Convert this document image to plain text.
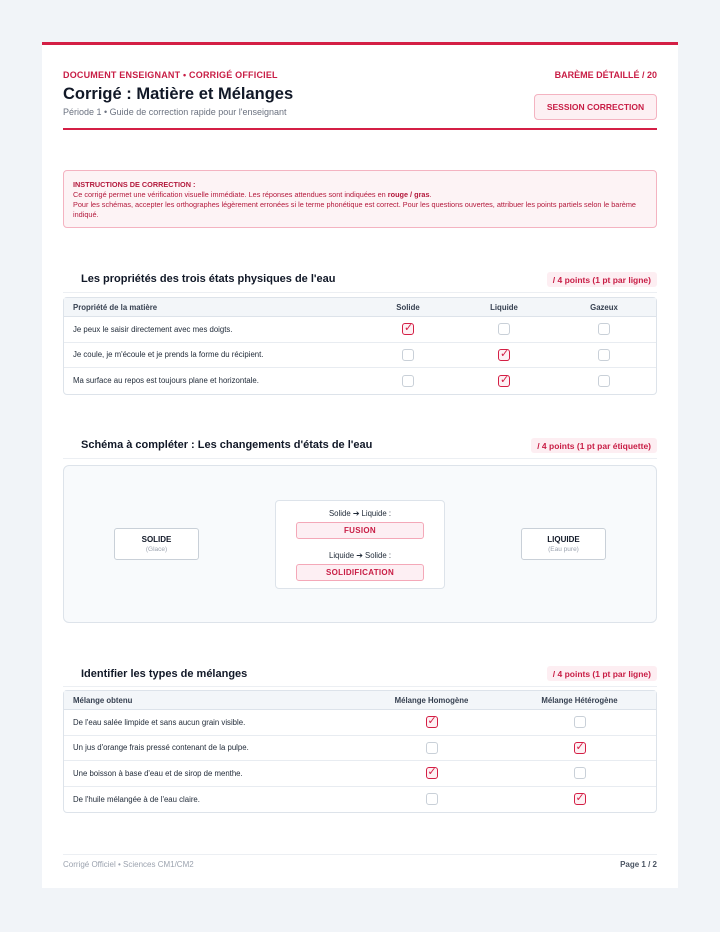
DOCUMENT ENSEIGNANT • CORRIGÉ OFFICIEL	BARÈME DÉTAILLÉ / 20
Corrigé : Matière et Mélanges
Période 1 • Guide de correction rapide pour l'enseignant	SESSION CORRECTION
INSTRUCTIONS DE CORRECTION :
Ce corrigé permet une vérification visuelle immédiate. Les réponses attendues sont indiquées en rouge / gras.
Pour les schémas, accepter les orthographes légèrement erronées si le terme phonétique est correct. Pour les questions ouvertes, attribuer les points partiels selon le barème indiqué.
Les propriétés des trois états physiques de l'eau	/ 4 points (1 pt par ligne)
Propriété de la matière	Solide	Liquide	Gazeux
Je peux le saisir directement avec mes doigts.	✓		
Je coule, je m'écoule et je prends la forme du récipient.		✓	
Ma surface au repos est toujours plane et horizontale.		✓	
Schéma à compléter : Les changements d'états de l'eau	/ 4 points (1 pt par étiquette)
SOLIDE
(Glace)
Solide ➔ Liquide :
FUSION
Liquide ➔ Solide :
SOLIDIFICATION
LIQUIDE
(Eau pure)
Identifier les types de mélanges	/ 4 points (1 pt par ligne)
Mélange obtenu	Mélange Homogène	Mélange Hétérogène
De l'eau salée limpide et sans aucun grain visible.	✓	
Un jus d'orange frais pressé contenant de la pulpe.		✓
Une boisson à base d'eau et de sirop de menthe.	✓	
De l'huile mélangée à de l'eau claire.		✓
Corrigé Officiel • Sciences CM1/CM2	Page 1 / 2
